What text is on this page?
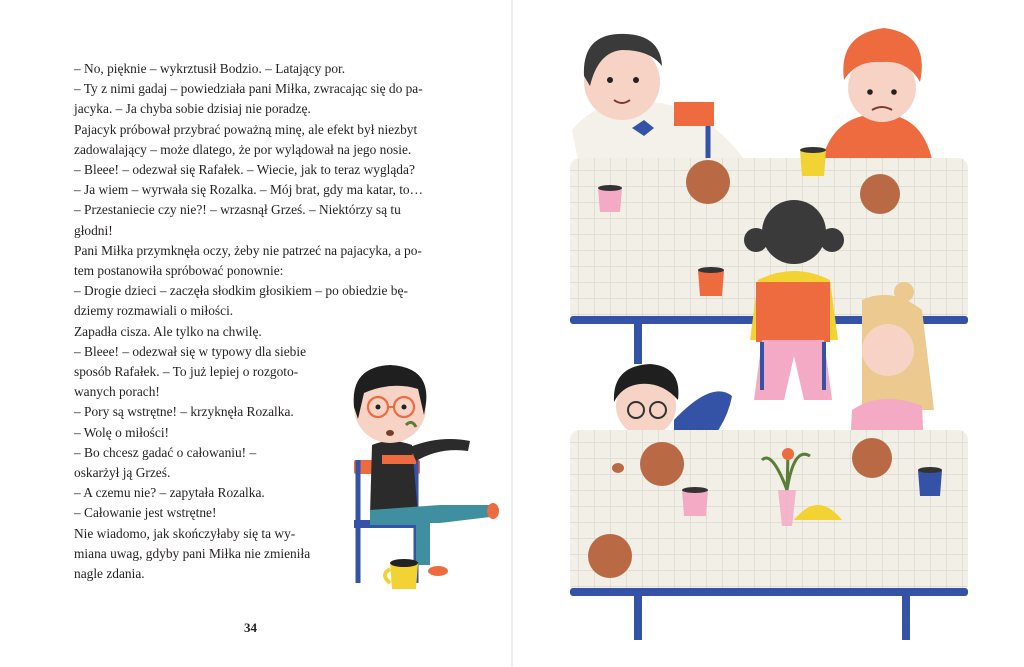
– No, pięknie – wykrztusił Bodzio. – Latający por.

– Ty z nimi gadaj – powiedziała pani Miłka, zwracając się do pa-

jacyka. – Ja chyba sobie dzisiaj nie poradzę.

Pajacyk próbował przybrać poważną minę, ale efekt był niezbyt

zadowalający – może dlatego, że por wylądował na jego nosie.

– Bleee! – odezwał się Rafałek. – Wiecie, jak to teraz wygląda?

– Ja wiem – wyrwała się Rozalka. – Mój brat, gdy ma katar, to…

– Przestaniecie czy nie?! – wrzasnął Grześ. – Niektórzy są tu

głodni!

Pani Miłka przymknęła oczy, żeby nie patrzeć na pajacyka, a po-

tem postanowiła spróbować ponownie:

– Drogie dzieci – zaczęła słodkim głosikiem – po obiedzie bę-

dziemy rozmawiali o miłości.

Zapadła cisza. Ale tylko na chwilę.

– Bleee! – odezwał się w typowy dla siebie

sposób Rafałek. – To już lepiej o rozgoto-

wanych porach!

– Pory są wstrętne! – krzyknęła Rozalka.

– Wolę o miłości!

– Bo chcesz gadać o całowaniu! –

oskarżył ją Grześ.

– A czemu nie? – zapytała Rozalka.

– Całowanie jest wstrętne!

Nie wiadomo, jak skończyłaby się ta wy-

miana uwag, gdyby pani Miłka nie zmieniła

nagle zdania.

34
